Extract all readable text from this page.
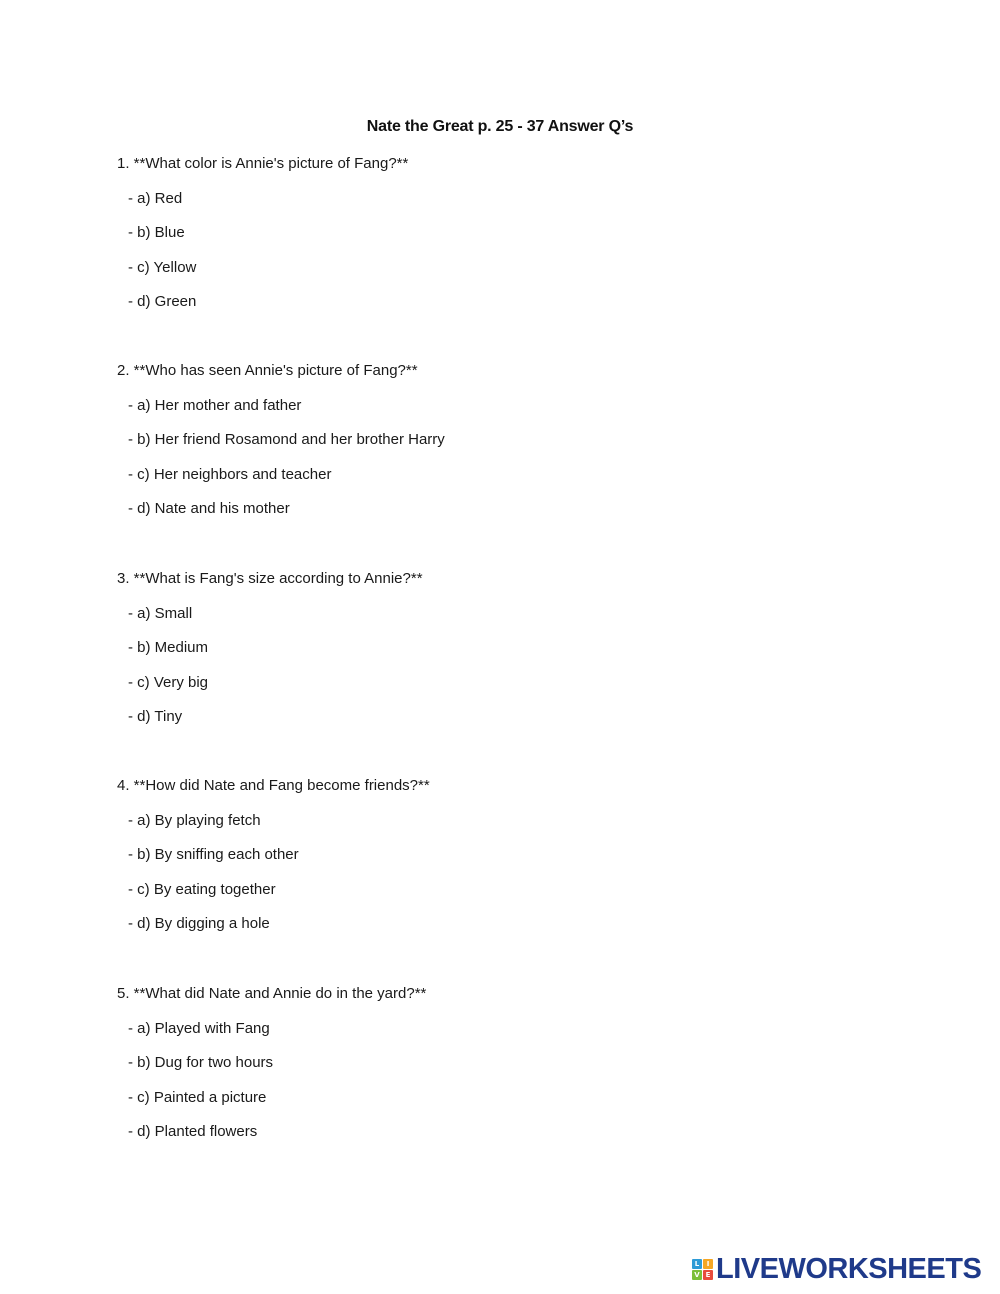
Nate the Great p. 25 - 37 Answer Q’s
1. **What color is Annie's picture of Fang?**
- a) Red
- b) Blue
- c) Yellow
- d) Green
2. **Who has seen Annie's picture of Fang?**
- a) Her mother and father
- b) Her friend Rosamond and her brother Harry
- c) Her neighbors and teacher
- d) Nate and his mother
3. **What is Fang's size according to Annie?**
- a) Small
- b) Medium
- c) Very big
- d) Tiny
4. **How did Nate and Fang become friends?**
- a) By playing fetch
- b) By sniffing each other
- c) By eating together
- d) By digging a hole
5. **What did Nate and Annie do in the yard?**
- a) Played with Fang
- b) Dug for two hours
- c) Painted a picture
- d) Planted flowers
L	I
V E LIVEWORKSHEETS
